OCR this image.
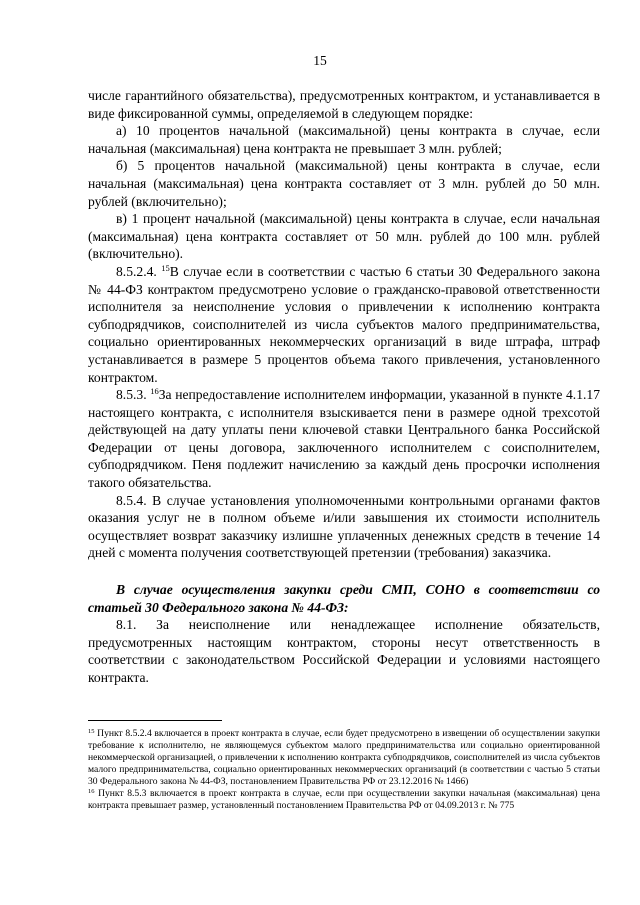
15

числе гарантийного обязательства), предусмотренных контрактом, и устанавливается в виде фиксированной суммы, определяемой в следующем порядке:

а) 10 процентов начальной (максимальной) цены контракта в случае, если начальная (максимальная) цена контракта не превышает 3 млн. рублей;

б) 5 процентов начальной (максимальной) цены контракта в случае, если начальная (максимальная) цена контракта составляет от 3 млн. рублей до 50 млн. рублей (включительно);

в) 1 процент начальной (максимальной) цены контракта в случае, если начальная (максимальная) цена контракта составляет от 50 млн. рублей до 100 млн. рублей (включительно).

8.5.2.4. $^{15}$В случае если в соответствии с частью 6 статьи 30 Федерального закона № 44-ФЗ контрактом предусмотрено условие о гражданско-правовой ответственности исполнителя за неисполнение условия о привлечении к исполнению контракта субподрядчиков, соисполнителей из числа субъектов малого предпринимательства, социально ориентированных некоммерческих организаций в виде штрафа, штраф устанавливается в размере 5 процентов объема такого привлечения, установленного контрактом.

8.5.3. $^{16}$За непредоставление исполнителем информации, указанной в пункте 4.1.17 настоящего контракта, с исполнителя взыскивается пени в размере одной трехсотой действующей на дату уплаты пени ключевой ставки Центрального банка Российской Федерации от цены договора, заключенного исполнителем с соисполнителем, субподрядчиком. Пеня подлежит начислению за каждый день просрочки исполнения такого обязательства.

8.5.4. В случае установления уполномоченными контрольными органами фактов оказания услуг не в полном объеме и/или завышения их стоимости исполнитель осуществляет возврат заказчику излишне уплаченных денежных средств в течение 14 дней с момента получения соответствующей претензии (требования) заказчика.

В случае осуществления закупки среди СМП, СОНО в соответствии со статьей 30 Федерального закона № 44-ФЗ:

8.1. За неисполнение или ненадлежащее исполнение обязательств, предусмотренных настоящим контрактом, стороны несут ответственность в соответствии с законодательством Российской Федерации и условиями настоящего контракта.

$^{15}$ Пункт 8.5.2.4 включается в проект контракта в случае, если будет предусмотрено в извещении об осуществлении закупки требование к исполнителю, не являющемуся субъектом малого предпринимательства или социально ориентированной некоммерческой организацией, о привлечении к исполнению контракта субподрядчиков, соисполнителей из числа субъектов малого предпринимательства, социально ориентированных некоммерческих организаций (в соответствии с частью 5 статьи 30 Федерального закона № 44-ФЗ, постановлением Правительства РФ от 23.12.2016 № 1466)

$^{16}$ Пункт 8.5.3 включается в проект контракта в случае, если при осуществлении закупки начальная (максимальная) цена контракта превышает размер, установленный постановлением Правительства РФ от 04.09.2013 г. № 775
